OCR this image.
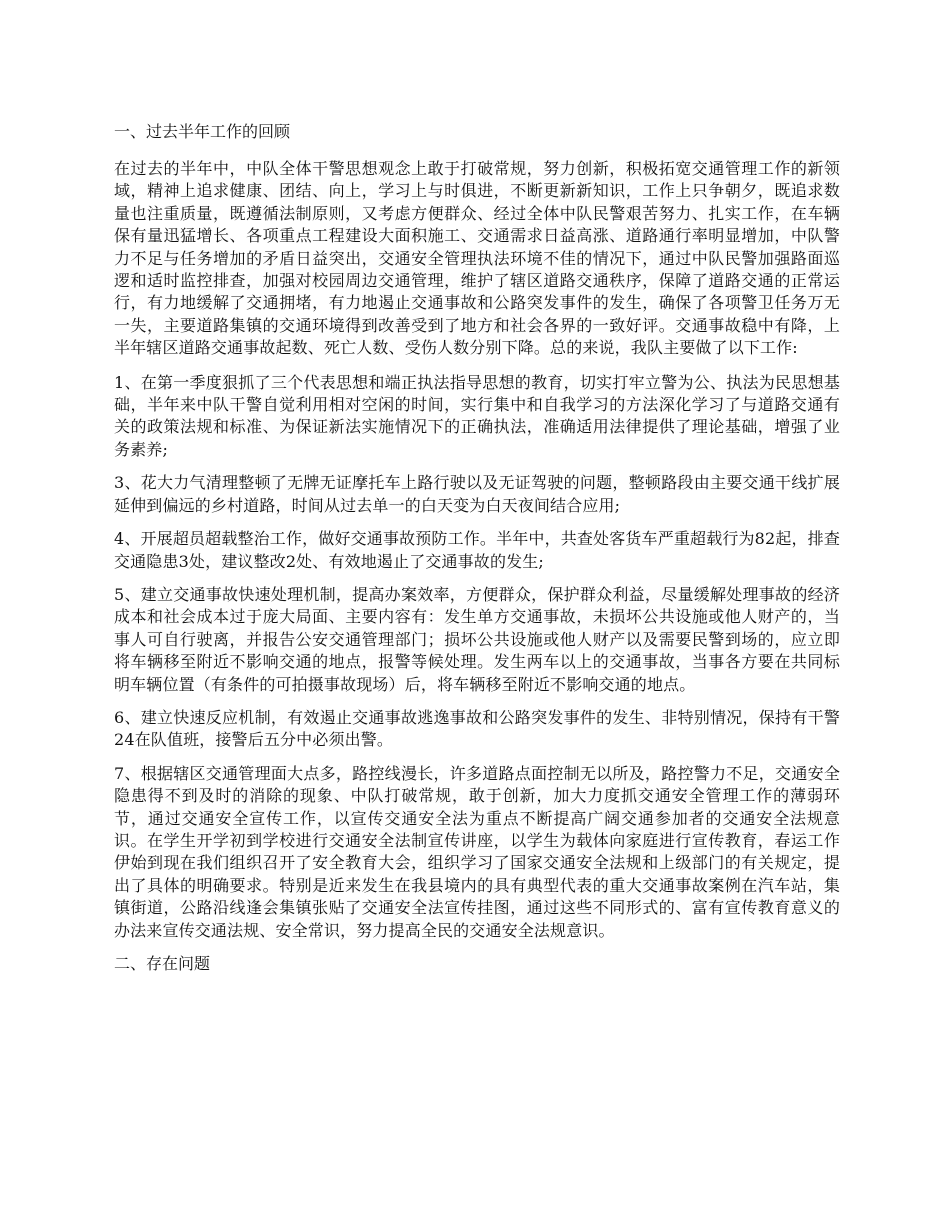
一、过去半年工作的回顾

在过去的半年中，中队全体干警思想观念上敢于打破常规，努力创新，积极拓宽交通管理工作的新领域，精神上追求健康、团结、向上，学习上与时俱进，不断更新新知识，工作上只争朝夕，既追求数量也注重质量，既遵循法制原则，又考虑方便群众、经过全体中队民警艰苦努力、扎实工作，在车辆保有量迅猛增长、各项重点工程建设大面积施工、交通需求日益高涨、道路通行率明显增加，中队警力不足与任务增加的矛盾日益突出，交通安全管理执法环境不佳的情况下，通过中队民警加强路面巡逻和适时监控排查，加强对校园周边交通管理，维护了辖区道路交通秩序，保障了道路交通的正常运行，有力地缓解了交通拥堵，有力地遏止交通事故和公路突发事件的发生，确保了各项警卫任务万无一失，主要道路集镇的交通环境得到改善受到了地方和社会各界的一致好评。交通事故稳中有降，上半年辖区道路交通事故起数、死亡人数、受伤人数分别下降。总的来说，我队主要做了以下工作:

1、在第一季度狠抓了三个代表思想和端正执法指导思想的教育，切实打牢立警为公、执法为民思想基础，半年来中队干警自觉利用相对空闲的时间，实行集中和自我学习的方法深化学习了与道路交通有关的政策法规和标准、为保证新法实施情况下的正确执法，准确适用法律提供了理论基础，增强了业务素养;

3、花大力气清理整顿了无牌无证摩托车上路行驶以及无证驾驶的问题，整顿路段由主要交通干线扩展延伸到偏远的乡村道路，时间从过去单一的白天变为白天夜间结合应用;

4、开展超员超载整治工作，做好交通事故预防工作。半年中，共查处客货车严重超载行为82起，排查交通隐患3处，建议整改2处、有效地遏止了交通事故的发生;

5、建立交通事故快速处理机制，提高办案效率，方便群众，保护群众利益，尽量缓解处理事故的经济成本和社会成本过于庞大局面、主要内容有：发生单方交通事故，未损坏公共设施或他人财产的，当事人可自行驶离，并报告公安交通管理部门；损坏公共设施或他人财产以及需要民警到场的，应立即将车辆移至附近不影响交通的地点，报警等候处理。发生两车以上的交通事故，当事各方要在共同标明车辆位置（有条件的可拍摄事故现场）后，将车辆移至附近不影响交通的地点。

6、建立快速反应机制，有效遏止交通事故逃逸事故和公路突发事件的发生、非特别情况，保持有干警24在队值班，接警后五分中必须出警。

7、根据辖区交通管理面大点多，路控线漫长，许多道路点面控制无以所及，路控警力不足，交通安全隐患得不到及时的消除的现象、中队打破常规，敢于创新，加大力度抓交通安全管理工作的薄弱环节，通过交通安全宣传工作，以宣传交通安全法为重点不断提高广阔交通参加者的交通安全法规意识。在学生开学初到学校进行交通安全法制宣传讲座，以学生为载体向家庭进行宣传教育，春运工作伊始到现在我们组织召开了安全教育大会，组织学习了国家交通安全法规和上级部门的有关规定，提出了具体的明确要求。特别是近来发生在我县境内的具有典型代表的重大交通事故案例在汽车站，集镇街道，公路沿线逢会集镇张贴了交通安全法宣传挂图，通过这些不同形式的、富有宣传教育意义的办法来宣传交通法规、安全常识，努力提高全民的交通安全法规意识。

二、存在问题
